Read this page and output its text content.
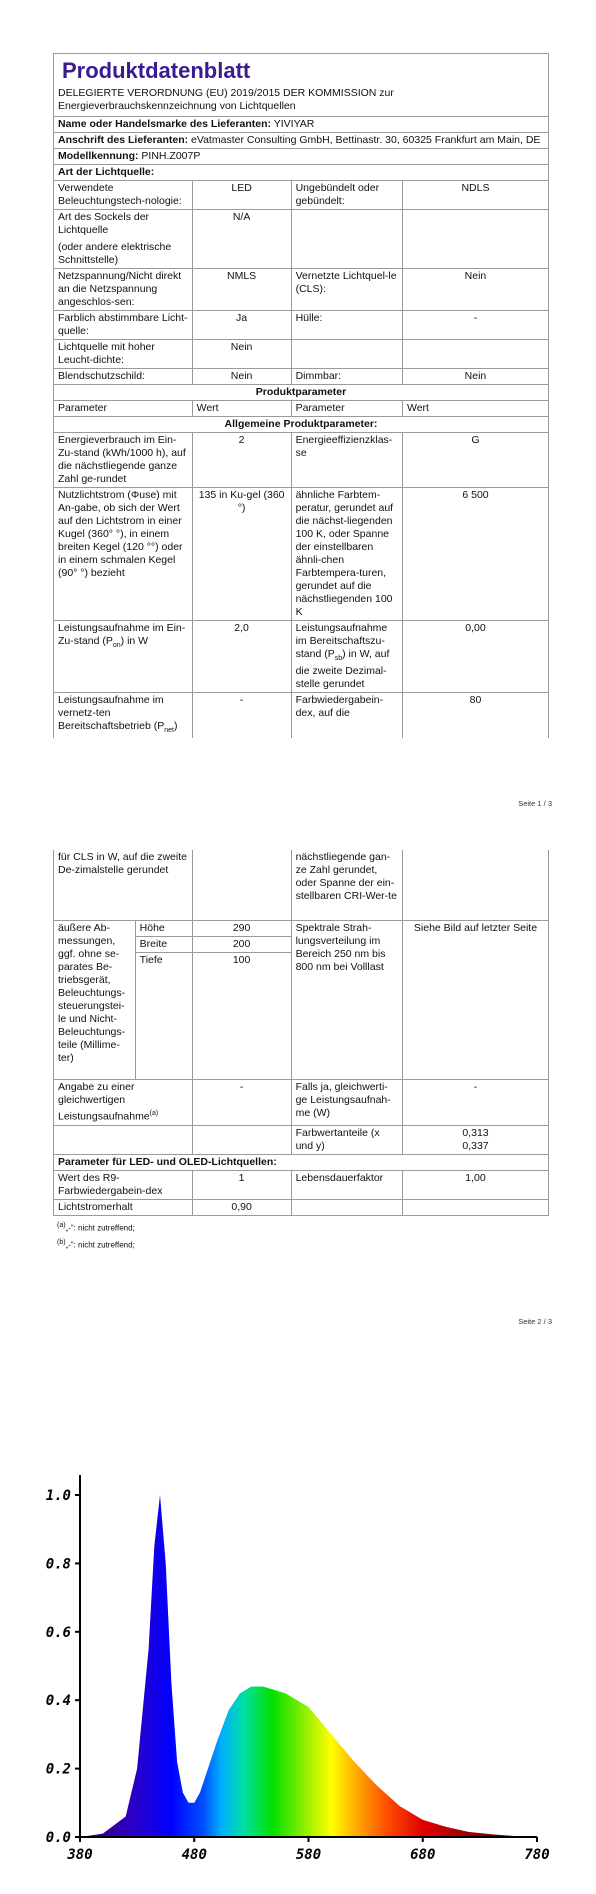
Produktdatenblatt
DELEGIERTE VERORDNUNG (EU) 2019/2015 DER KOMMISSION zur Energieverbrauchskennzeichnung von Lichtquellen			

Name oder Handelsmarke des Lieferanten: YIVIYAR			
Anschrift des Lieferanten: eVatmaster Consulting GmbH, Bettinastr. 30, 60325 Frankfurt am Main, DE			
Modellkennung: PINH.Z007P			
Art der Lichtquelle:			
Verwendete Beleuchtungstech-nologie:	LED	Ungebündelt oder gebündelt:	NDLS

Art des Sockels der Lichtquelle
(oder andere elektrische Schnittstelle)	N/A		
Netzspannung/Nicht direkt an die Netzspannung angeschlos-sen:	NMLS	Vernetzte Lichtquel-le (CLS):	Nein
Farblich abstimmbare Licht-quelle:	Ja	Hülle:	-
Lichtquelle mit hoher Leucht-dichte:	Nein		
Blendschutzschild:	Nein	Dimmbar:	Nein
Produktparameter			
Parameter	Wert	Parameter	Wert
Allgemeine Produktparameter:			
Energieverbrauch im Ein-Zu-stand (kWh/1000 h), auf die nächstliegende ganze Zahl ge-rundet	2	Energieeffizienzklas-se	G
Nutzlichtstrom (Φuse) mit An-gabe, ob sich der Wert auf den Lichtstrom in einer Kugel (360° °), in einem breiten Kegel (120 °°) oder in einem schmalen Kegel (90° °) bezieht	135 in Ku-gel (360 °)	ähnliche Farbtem-peratur, gerundet auf die nächst-liegenden 100 K, oder Spanne der einstellbaren ähnli-chen Farbtempera-turen, gerundet auf die nächstliegenden 100 K	6 500
Leistungsaufnahme im Ein-Zu-stand $(P_{on})$ in W	2,0	Leistungsaufnahme im Bereitschaftszu-stand $(P_{sb})$ in W, auf die zweite Dezimal-stelle gerundet	0,00
Leistungsaufnahme im vernetz-ten Bereitschaftsbetrieb $(P_{net})$	-	Farbwiedergabein-dex, auf die	80
Seite 1 / 3
für CLS in W, auf die zweite De-zimalstelle gerundet			nächstliegende gan-ze Zahl gerundet, oder Spanne der ein-stellbaren CRI-Wer-te	
äußere Ab-messungen, ggf. ohne se-parates Be-triebsgerät, Beleuchtungs-steuerungstei-le und Nicht-Beleuchtungs-teile (Millime-ter)	Höhe	290	Spektrale Strah-lungsverteilung im Bereich 250 nm bis 800 nm bei Volllast	Siehe Bild auf letzter Seite
	Breite	200		
	Tiefe	100		
Angabe zu einer gleichwertigen Leistungsaufnahme$^{(a)}$		-	Falls ja, gleichwerti-ge Leistungsaufnah-me (W)	-
			Farbwertanteile (x und y)	0,313
0,337

Parameter für LED- und OLED-Lichtquellen:				
Wert des R9-Farbwiedergabein-dex		1	Lebensdauerfaktor	1,00
Lichtstromerhalt		0,90		
$^{(a)}$„-“: nicht zutreffend;
$^{(b)}$„-“: nicht zutreffend;
Seite 2 / 3
0.0
0.2
0.4
0.6
0.8
1.0
380	480	580	680	780
